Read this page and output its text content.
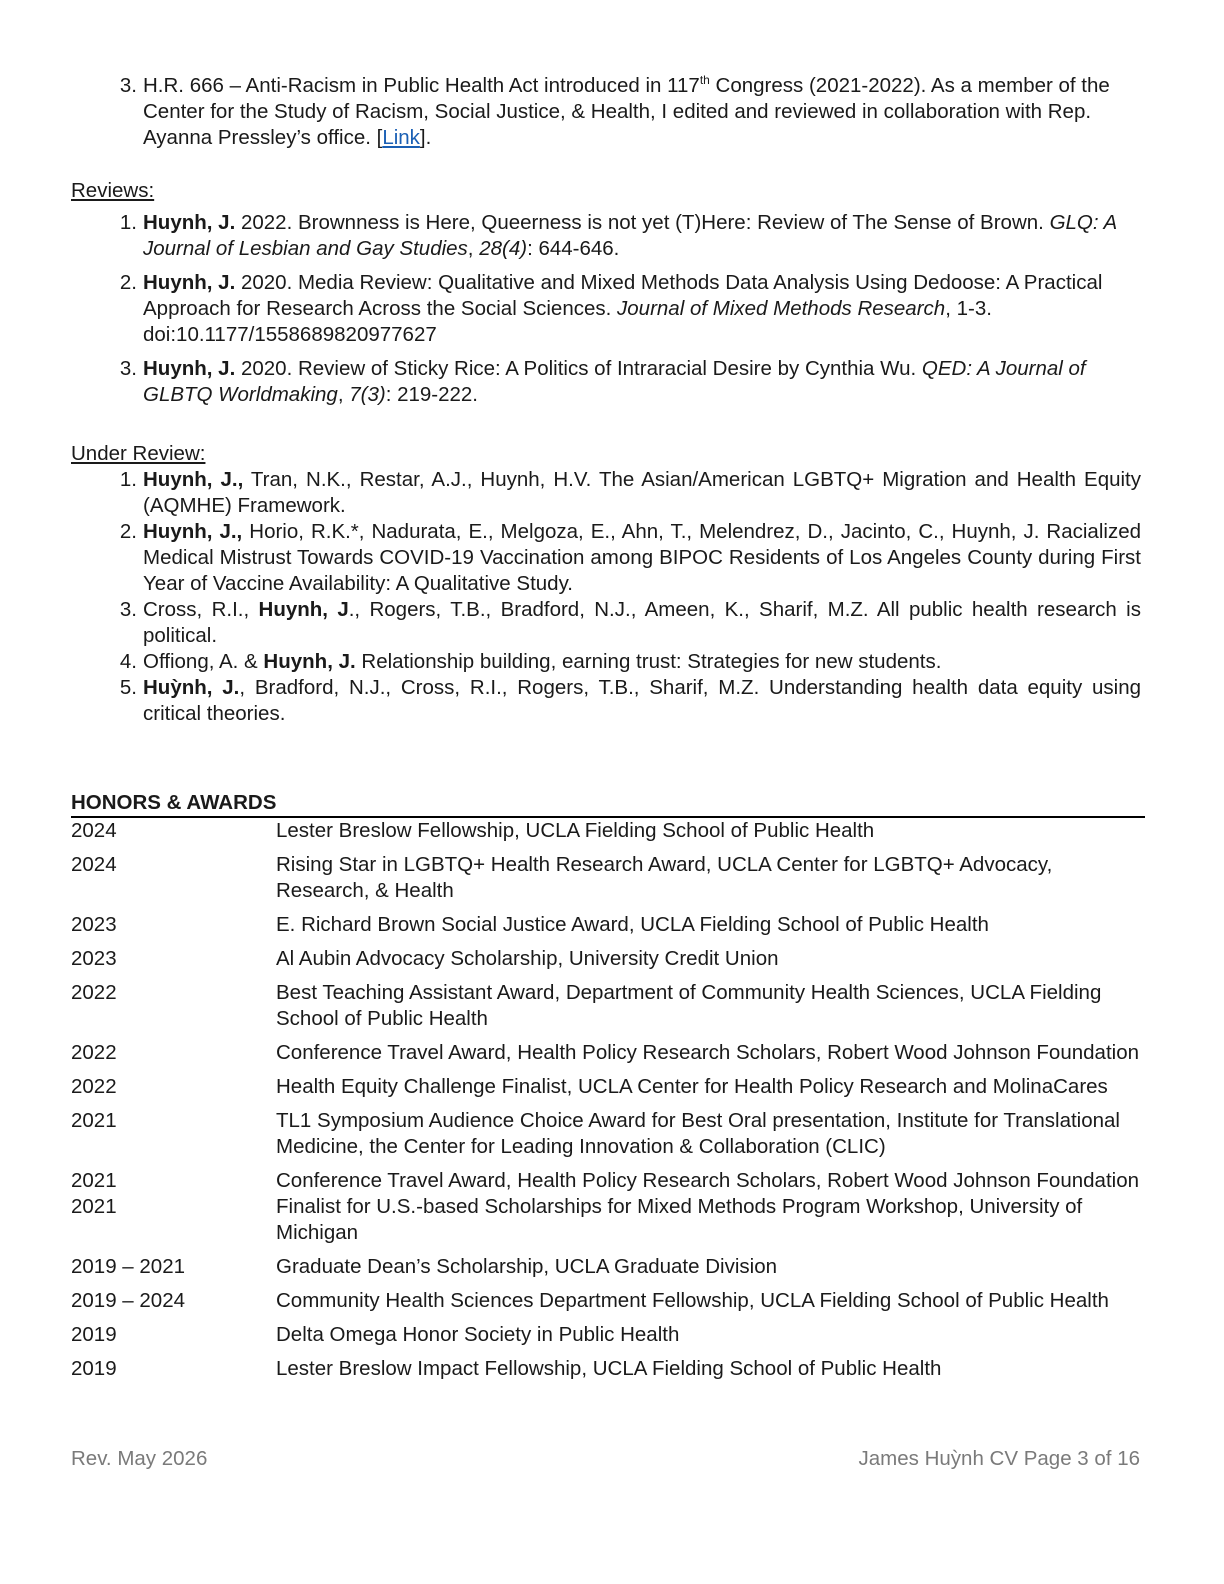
3 . H.R. 666 – Anti-Racism in Public Health Act introduced in 117th Congress (2021-2022). As a member of the Center for the Study of Racism, Social Justice, & Health, I edited and reviewed in collaboration with Rep. Ayanna Pressley’s office. [Link].
Reviews:
1 . Huynh, J. 2022. Brownness is Here, Queerness is not yet (T)Here: Review of The Sense of Brown. GLQ: A Journal of Lesbian and Gay Studies, 28(4): 644-646.
2 . Huynh, J. 2020. Media Review: Qualitative and Mixed Methods Data Analysis Using Dedoose: A Practical Approach for Research Across the Social Sciences. Journal of Mixed Methods Research, 1-3. doi:10.1177/1558689820977627
3 . Huynh, J. 2020. Review of Sticky Rice: A Politics of Intraracial Desire by Cynthia Wu. QED: A Journal of GLBTQ Worldmaking, 7(3): 219-222.
Under Review:
1 . Huynh, J., Tran, N.K., Restar, A.J., Huynh, H.V. The Asian/American LGBTQ+ Migration and Health Equity (AQMHE) Framework.
2 . Huynh, J., Horio, R.K.*, Nadurata, E., Melgoza, E., Ahn, T., Melendrez, D., Jacinto, C., Huynh, J. Racialized Medical Mistrust Towards COVID-19 Vaccination among BIPOC Residents of Los Angeles County during First Year of Vaccine Availability: A Qualitative Study.
3 . Cross, R.I., Huynh, J., Rogers, T.B., Bradford, N.J., Ameen, K., Sharif, M.Z. All public health research is political.
4 . Offiong, A. & Huynh, J. Relationship building, earning trust: Strategies for new students.
5 . Huỳnh, J., Bradford, N.J., Cross, R.I., Rogers, T.B., Sharif, M.Z. Understanding health data equity using critical theories.
HONORS & AWARDS
2024	Lester Breslow Fellowship, UCLA Fielding School of Public Health
2024	Rising Star in LGBTQ+ Health Research Award, UCLA Center for LGBTQ+ Advocacy, Research, & Health
2023	E. Richard Brown Social Justice Award, UCLA Fielding School of Public Health
2023	Al Aubin Advocacy Scholarship, University Credit Union
2022	Best Teaching Assistant Award, Department of Community Health Sciences, UCLA Fielding School of Public Health
2022	Conference Travel Award, Health Policy Research Scholars, Robert Wood Johnson Foundation
2022	Health Equity Challenge Finalist, UCLA Center for Health Policy Research and MolinaCares
2021	TL1 Symposium Audience Choice Award for Best Oral presentation, Institute for Translational Medicine, the Center for Leading Innovation & Collaboration (CLIC)
2021	Conference Travel Award, Health Policy Research Scholars, Robert Wood Johnson Foundation
2021	Finalist for U.S.-based Scholarships for Mixed Methods Program Workshop, University of Michigan
2019 – 2021	Graduate Dean’s Scholarship, UCLA Graduate Division
2019 – 2024	Community Health Sciences Department Fellowship, UCLA Fielding School of Public Health
2019	Delta Omega Honor Society in Public Health
2019	Lester Breslow Impact Fellowship, UCLA Fielding School of Public Health
Rev. May 2026	James Huỳnh CV Page 3 of 16
